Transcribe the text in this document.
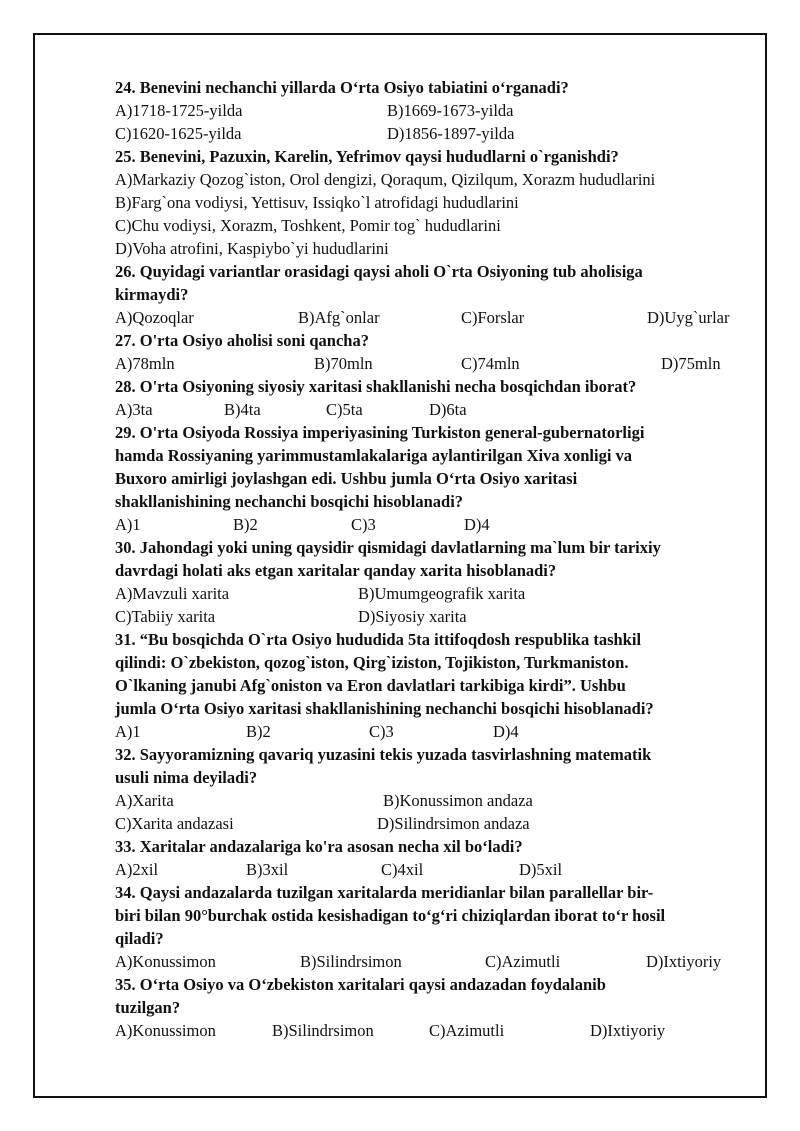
24. Benevini nechanchi yillarda O‘rta Osiyo tabiatini o‘rganadi?
A)1718-1725-yilda	B)1669-1673-yilda
C)1620-1625-yilda	D)1856-1897-yilda
25. Benevini, Pazuxin, Karelin, Yefrimov qaysi hududlarni o`rganishdi?
A)Markaziy Qozog`iston, Orol dengizi, Qoraqum, Qizilqum, Xorazm hududlarini
B)Farg`ona vodiysi, Yettisuv, Issiqko`l atrofidagi hududlarini
C)Chu vodiysi, Xorazm, Toshkent, Pomir tog` hududlarini
D)Voha atrofini, Kaspiybo`yi hududlarini
26. Quyidagi variantlar orasidagi qaysi aholi O`rta Osiyoning tub aholisiga
kirmaydi?
A)Qozoqlar	B)Afg`onlar	C)Forslar	D)Uyg`urlar
27. O'rta Osiyo aholisi soni qancha?
A)78mln	B)70mln	C)74mln	D)75mln
28. O'rta Osiyoning siyosiy xaritasi shakllanishi necha bosqichdan iborat?
A)3ta	B)4ta	C)5ta	D)6ta
29. O'rta Osiyoda Rossiya imperiyasining Turkiston general-gubernatorligi
hamda Rossiyaning yarimmustamlakalariga aylantirilgan Xiva xonligi va
Buxoro amirligi joylashgan edi. Ushbu jumla O‘rta Osiyo xaritasi
shakllanishining nechanchi bosqichi hisoblanadi?
A)1	B)2	C)3	D)4
30. Jahondagi yoki uning qaysidir qismidagi davlatlarning ma`lum bir tarixiy
davrdagi holati aks etgan xaritalar qanday xarita hisoblanadi?
A)Mavzuli xarita	B)Umumgeografik xarita
C)Tabiiy xarita	D)Siyosiy xarita
31. “Bu bosqichda O`rta Osiyo hududida 5ta ittifoqdosh respublika tashkil
qilindi: O`zbekiston, qozog`iston, Qirg`iziston, Tojikiston, Turkmaniston.
O`lkaning janubi Afg`oniston va Eron davlatlari tarkibiga kirdi”. Ushbu
jumla O‘rta Osiyo xaritasi shakllanishining nechanchi bosqichi hisoblanadi?
A)1	B)2	C)3	D)4
32. Sayyoramizning qavariq yuzasini tekis yuzada tasvirlashning matematik
usuli nima deyiladi?
A)Xarita	B)Konussimon andaza
C)Xarita andazasi	D)Silindrsimon andaza
33. Xaritalar andazalariga ko'ra asosan necha xil bo‘ladi?
A)2xil	B)3xil	C)4xil	D)5xil
34. Qaysi andazalarda tuzilgan xaritalarda meridianlar bilan parallellar bir-
biri bilan 90°burchak ostida kesishadigan to‘g‘ri chiziqlardan iborat to‘r hosil
qiladi?
A)Konussimon	B)Silindrsimon	C)Azimutli	D)Ixtiyoriy
35. O‘rta Osiyo va O‘zbekiston xaritalari qaysi andazadan foydalanib
tuzilgan?
A)Konussimon	B)Silindrsimon	C)Azimutli	D)Ixtiyoriy
